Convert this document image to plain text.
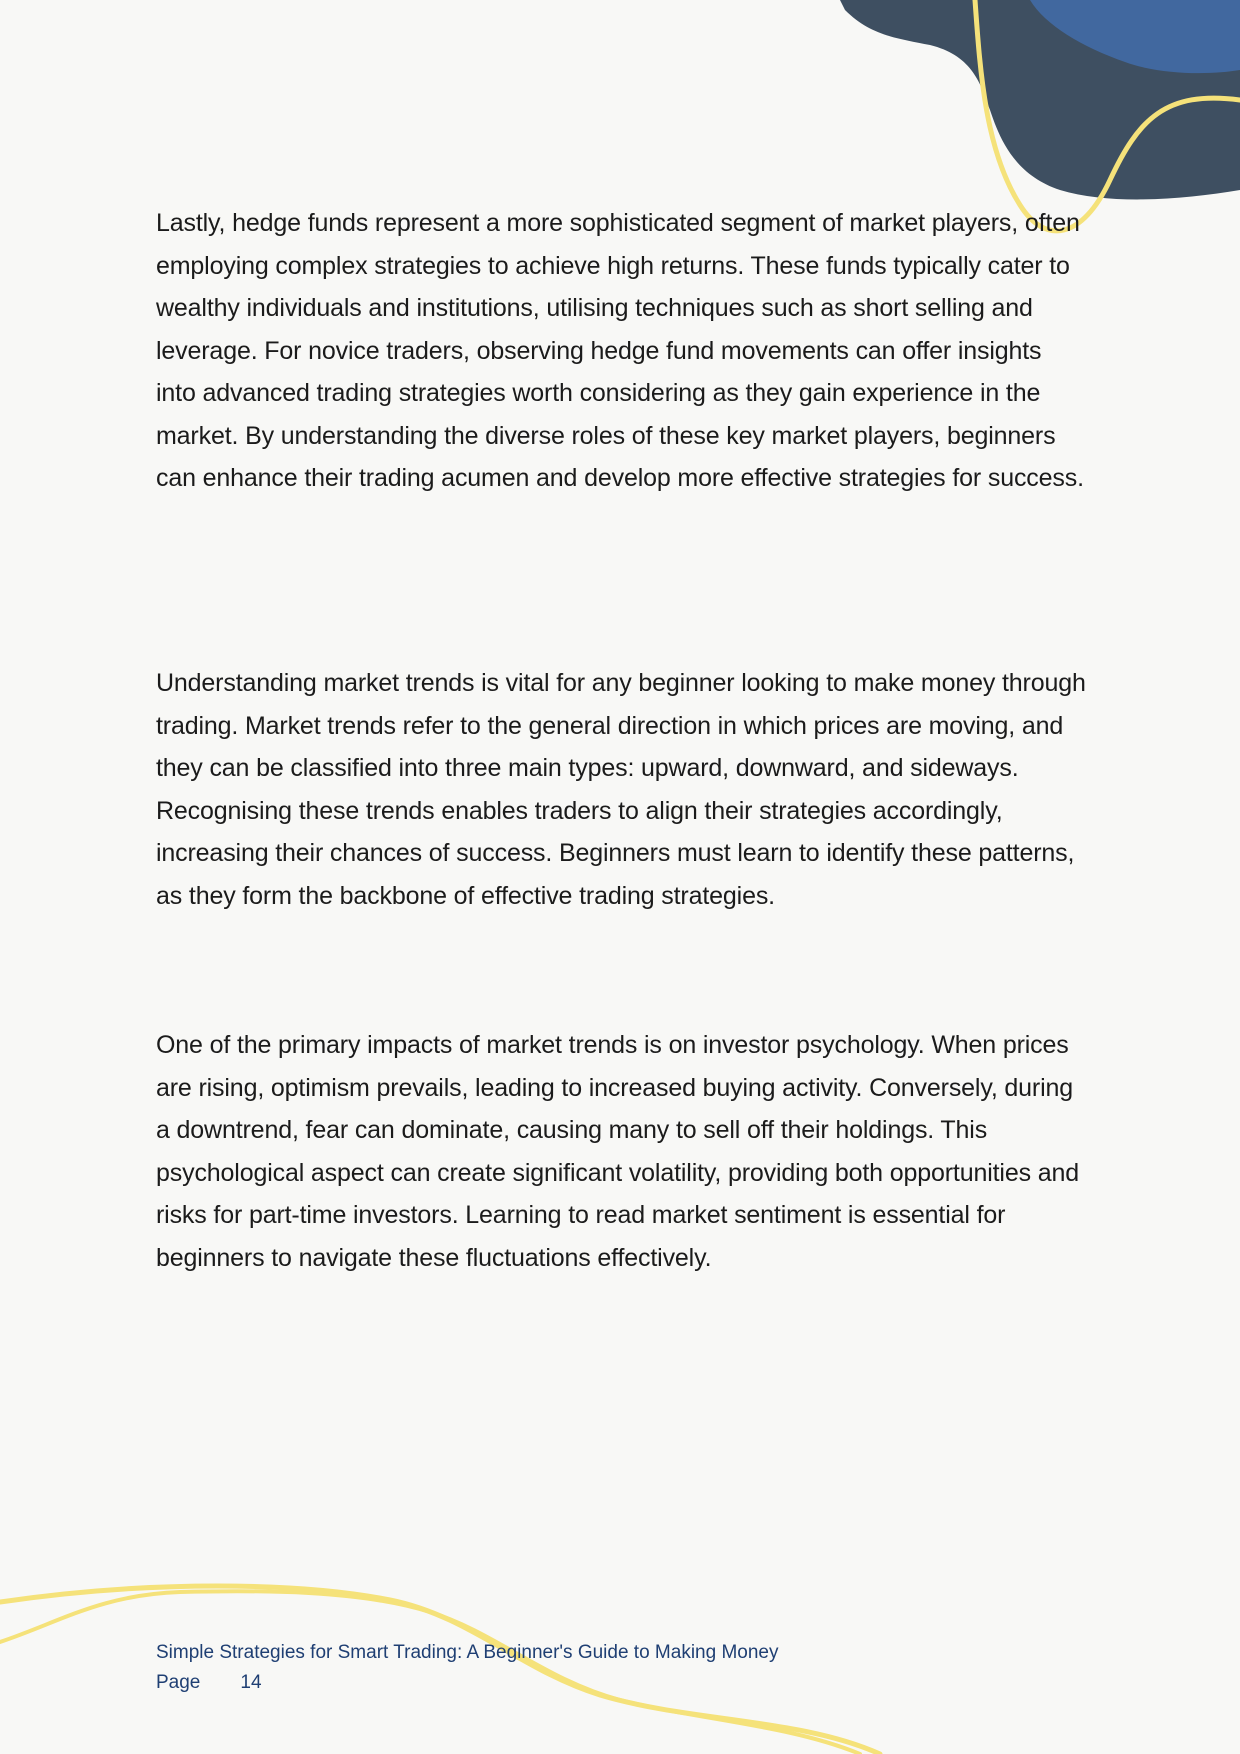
Lastly, hedge funds represent a more sophisticated segment of market players, often employing complex strategies to achieve high returns. These funds typically cater to wealthy individuals and institutions, utilising techniques such as short selling and leverage. For novice traders, observing hedge fund movements can offer insights into advanced trading strategies worth considering as they gain experience in the market. By understanding the diverse roles of these key market players, beginners can enhance their trading acumen and develop more effective strategies for success.

Understanding market trends is vital for any beginner looking to make money through trading. Market trends refer to the general direction in which prices are moving, and they can be classified into three main types: upward, downward, and sideways. Recognising these trends enables traders to align their strategies accordingly, increasing their chances of success. Beginners must learn to identify these patterns, as they form the backbone of effective trading strategies.

One of the primary impacts of market trends is on investor psychology. When prices are rising, optimism prevails, leading to increased buying activity. Conversely, during a downtrend, fear can dominate, causing many to sell off their holdings. This psychological aspect can create significant volatility, providing both opportunities and risks for part-time investors. Learning to read market sentiment is essential for beginners to navigate these fluctuations effectively.

Simple Strategies for Smart Trading: A Beginner's Guide to Making Money
Page 14
